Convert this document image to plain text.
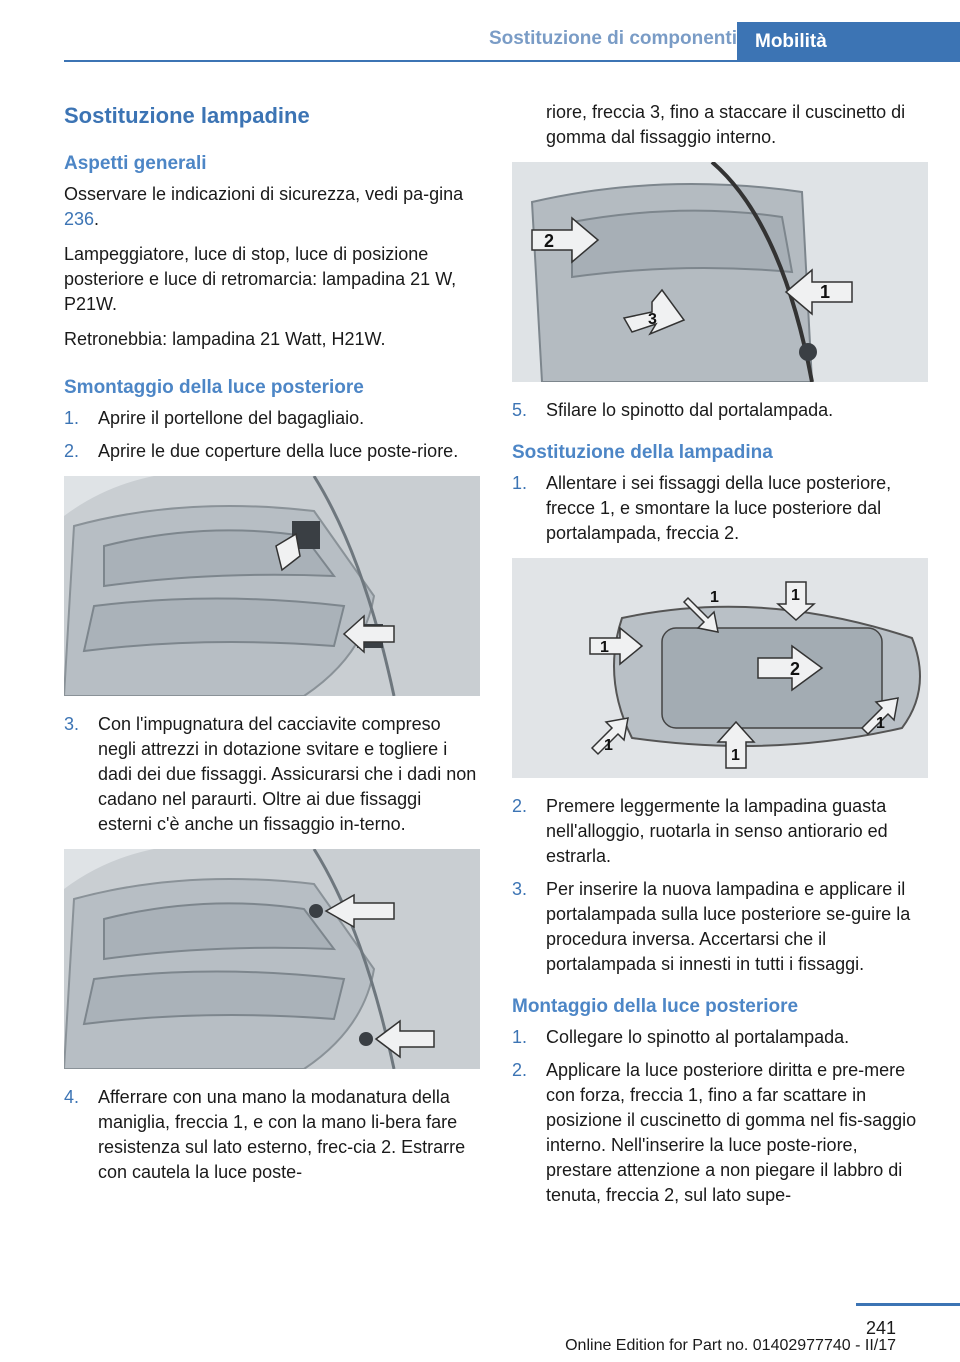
Sostituzione di componenti Mobilità
Sostituzione lampadine
Aspetti generali

Osservare le indicazioni di sicurezza, vedi pa-gina 236.

Lampeggiatore, luce di stop, luce di posizione posteriore e luce di retromarcia: lampadina 21 W, P21W.

Retronebbia: lampadina 21 Watt, H21W.

Smontaggio della luce posteriore
1. Aprire il portellone del bagagliaio.
2. Aprire le due coperture della luce poste-riore.
3. Con l'impugnatura del cacciavite compreso negli attrezzi in dotazione svitare e togliere i dadi dei due fissaggi. Assicurarsi che i dadi non cadano nel paraurti. Oltre ai due fissaggi esterni c'è anche un fissaggio in-terno.
4. Afferrare con una mano la modanatura della maniglia, freccia 1, e con la mano li-bera fare resistenza sul lato esterno, frec-cia 2. Estrarre con cautela la luce poste-

riore, freccia 3, fino a staccare il cuscinetto di gomma dal fissaggio interno.

2
1
3
5. Sfilare lo spinotto dal portalampada.
Sostituzione della lampadina
1. Allentare i sei fissaggi della luce posteriore, frecce 1, e smontare la luce posteriore dal portalampada, freccia 2.
2
1	1
1
1
1
1
2. Premere leggermente la lampadina guasta nell'alloggio, ruotarla in senso antiorario ed estrarla.
3. Per inserire la nuova lampadina e applicare il portalampada sulla luce posteriore se-guire la procedura inversa. Accertarsi che il portalampada si innesti in tutti i fissaggi.
Montaggio della luce posteriore
1. Collegare lo spinotto al portalampada.
2. Applicare la luce posteriore diritta e pre-mere con forza, freccia 1, fino a far scattare in posizione il cuscinetto di gomma nel fis-saggio interno. Nell'inserire la luce poste-riore, prestare attenzione a non piegare il labbro di tenuta, freccia 2, sul lato supe-
241
Online Edition for Part no. 01402977740 - II/17
